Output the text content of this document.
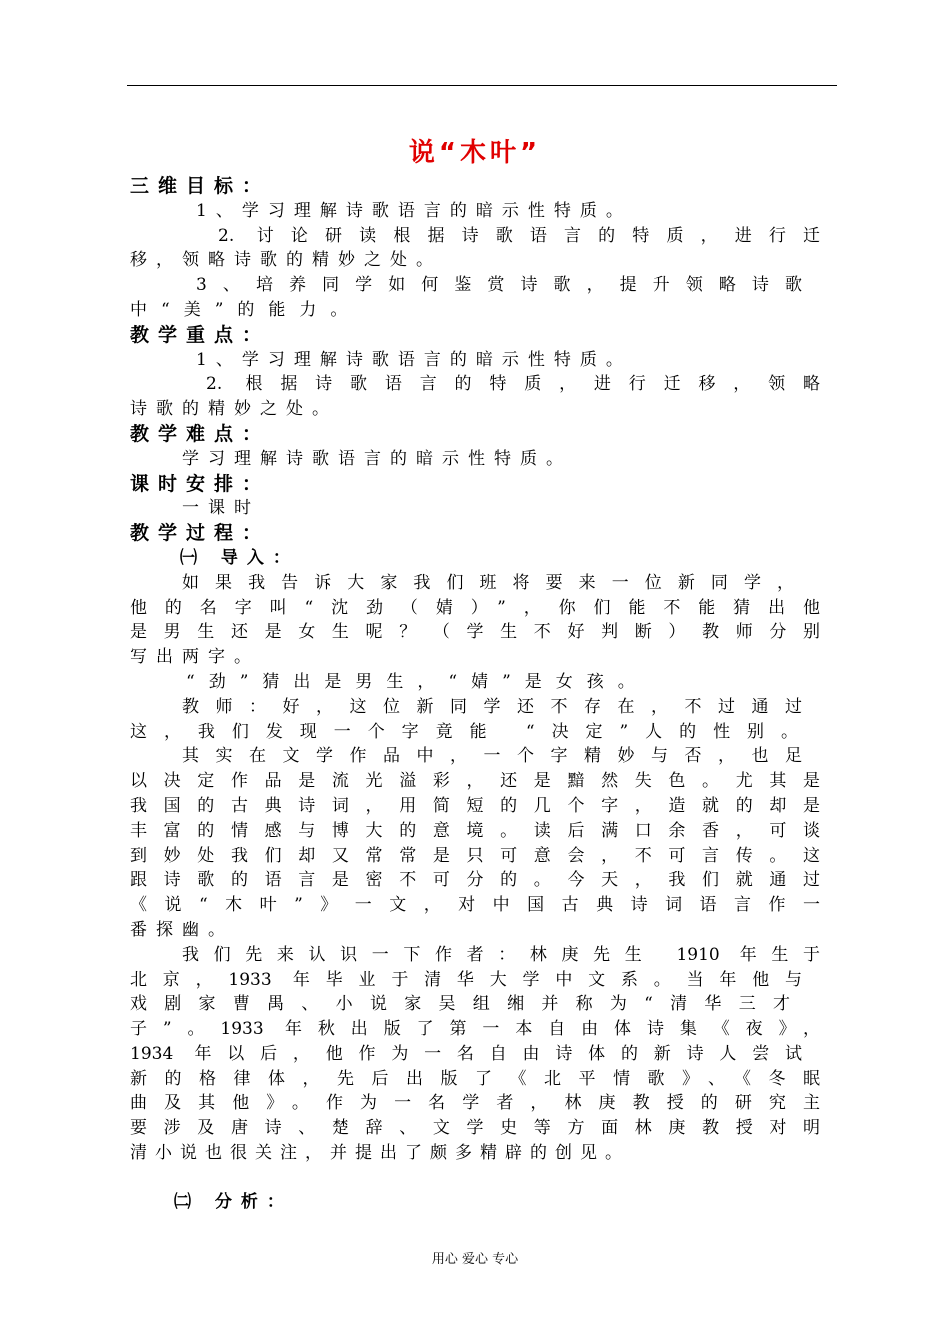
说“木叶”
三维目标：
1、学习理解诗歌语言的暗示性特质。
2. 讨论研读根据诗歌语言的特质，进行迁
移，领略诗歌的精妙之处。
3、培养同学如何鉴赏诗歌，提升领略诗歌
中“美”的能力。
教学重点：
1、学习理解诗歌语言的暗示性特质。
2. 根据诗歌语言的特质，进行迁移，领略
诗歌的精妙之处。
教学难点：
学习理解诗歌语言的暗示性特质。
课时安排：
一课时
教学过程：
㈠ 导入：
如果我告诉大家我们班将要来一位新同学，
他的名字叫“沈劲（婧）”，你们能不能猜出他
是男生还是女生呢？（学生不好判断）教师分别
写出两字。
“劲”猜出是男生，“婧”是女孩。
教师：好，这位新同学还不存在，不过通过
这，我们发现一个字竟能 “决定”人的性别。
其实在文学作品中，一个字精妙与否，也足
以决定作品是流光溢彩，还是黯然失色。尤其是
我国的古典诗词，用简短的几个字，造就的却是
丰富的情感与博大的意境。读后满口余香，可谈
到妙处我们却又常常是只可意会，不可言传。这
跟诗歌的语言是密不可分的。今天，我们就通过
《说“木叶”》一文，对中国古典诗词语言作一
番探幽。
我们先来认识一下作者：林庚先生 1910 年生于
北京，1933 年毕业于清华大学中文系。当年他与
戏剧家曹禺、小说家吴组缃并称为“清华三才
子”。1933 年秋出版了第一本自由体诗集《夜》，
1934 年以后，他作为一名自由诗体的新诗人尝试
新的格律体，先后出版了《北平情歌》、《冬眠
曲及其他》。作为一名学者，林庚教授的研究主
要涉及唐诗、楚辞、文学史等方面林庚教授对明
清小说也很关注，并提出了颇多精辟的创见。
㈡ 分析：
用心 爱心 专心
